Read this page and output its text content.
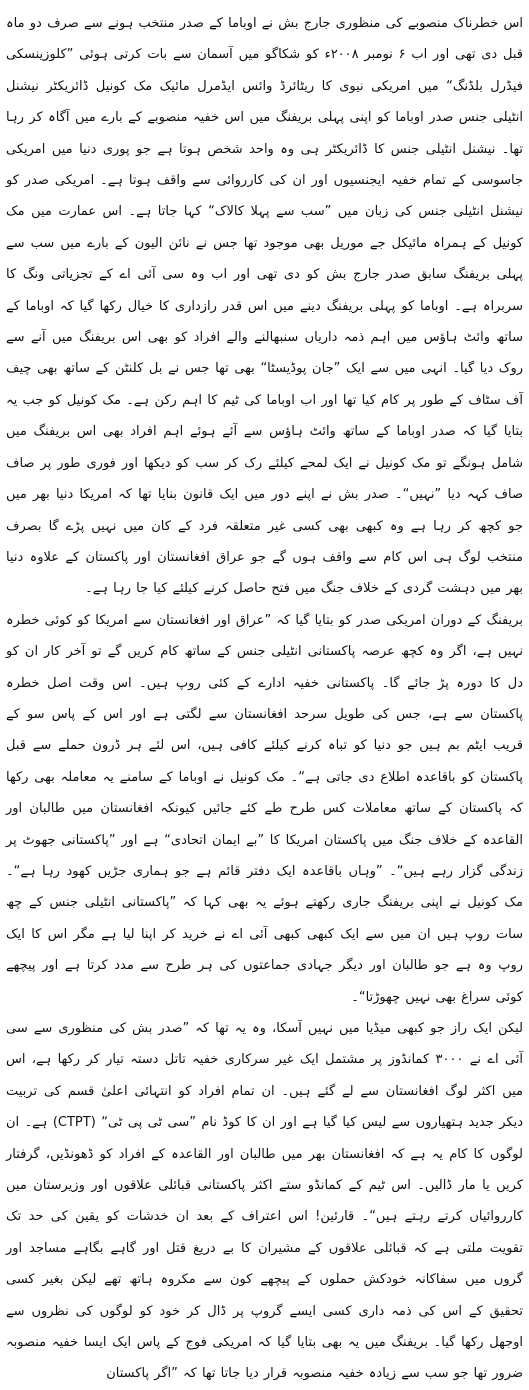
اس خطرناک منصوبے کی منظوری جارج بش نے اوباما کے صدر منتخب ہونے سے صرف دو ماہ قبل دی تھی اور اب ۶ نومبر ۲۰۰۸ء کو شکاگو میں آسمان سے بات کرتی ہوئی ”کلوزینسکی فیڈرل بلڈنگ“ میں امریکی نیوی کا ریٹائرڈ وائس ایڈمرل مائیک مک کونیل ڈائریکٹر نیشنل انٹیلی جنس صدر اوباما کو اپنی پہلی بریفنگ میں اس خفیہ منصوبے کے بارے میں آگاہ کر رہا تھا۔ نیشنل انٹیلی جنس کا ڈائریکٹر ہی وہ واحد شخص ہوتا ہے جو پوری دنیا میں امریکی جاسوسی کے تمام خفیہ ایجنسیوں اور ان کی کارروائی سے واقف ہوتا ہے۔ امریکی صدر کو نیشنل انٹیلی جنس کی زبان میں ”سب سے پہلا کالاک“ کہا جاتا ہے۔ اس عمارت میں مک کونیل کے ہمراہ مائیکل جے موریل بھی موجود تھا جس نے نائن الیون کے بارے میں سب سے پہلی بریفنگ سابق صدر جارج بش کو دی تھی اور اب وہ سی آئی اے کے تجزیاتی ونگ کا سربراہ ہے۔ اوباما کو پہلی بریفنگ دینے میں اس قدر رازداری کا خیال رکھا گیا کہ اوباما کے ساتھ وائٹ ہاؤس میں اہم ذمہ داریاں سنبھالنے والے افراد کو بھی اس بریفنگ میں آنے سے روک دیا گیا۔ انہی میں سے ایک ”جان پوڈیسٹا“ بھی تھا جس نے بل کلنٹن کے ساتھ بھی چیف آف سٹاف کے طور پر کام کیا تھا اور اب اوباما کی ٹیم کا اہم رکن ہے۔ مک کونیل کو جب یہ بتایا گیا کہ صدر اوباما کے ساتھ وائٹ ہاؤس سے آئے ہوئے اہم افراد بھی اس بریفنگ میں شامل ہونگے تو مک کونیل نے ایک لمحے کیلئے رک کر سب کو دیکھا اور فوری طور پر صاف صاف کہہ دیا ”نہیں“۔ صدر بش نے اپنے دور میں ایک قانون بنایا تھا کہ امریکا دنیا بھر میں جو کچھ کر رہا ہے وہ کبھی بھی کسی غیر متعلقہ فرد کے کان میں نہیں پڑے گا بصرف منتخب لوگ ہی اس کام سے واقف ہوں گے جو عراق افغانستان اور پاکستان کے علاوہ دنیا بھر میں دہشت گردی کے خلاف جنگ میں فتح حاصل کرنے کیلئے کیا جا رہا ہے۔

بریفنگ کے دوران امریکی صدر کو بتایا گیا کہ ”عراق اور افغانستان سے امریکا کو کوئی خطرہ نہیں ہے، اگر وہ کچھ عرصہ پاکستانی انٹیلی جنس کے ساتھ کام کریں گے تو آخر کار ان کو دل کا دورہ پڑ جائے گا۔ پاکستانی خفیہ ادارے کے کئی روپ ہیں۔ اس وقت اصل خطرہ پاکستان سے ہے، جس کی طویل سرحد افغانستان سے لگتی ہے اور اس کے پاس سو کے قریب ایٹم بم ہیں جو دنیا کو تباہ کرنے کیلئے کافی ہیں، اس لئے ہر ڈرون حملے سے قبل پاکستان کو باقاعدہ اطلاع دی جاتی ہے“۔ مک کونیل نے اوباما کے سامنے یہ معاملہ بھی رکھا کہ پاکستان کے ساتھ معاملات کس طرح طے کئے جائیں کیونکہ افغانستان میں طالبان اور القاعدہ کے خلاف جنگ میں پاکستان امریکا کا ”بے ایمان اتحادی“ ہے اور ”پاکستانی جھوٹ پر زندگی گزار رہے ہیں“۔ ”وہاں باقاعدہ ایک دفتر قائم ہے جو ہماری جڑیں کھود رہا ہے“۔ مک کونیل نے اپنی بریفنگ جاری رکھتے ہوئے یہ بھی کہا کہ ”پاکستانی انٹیلی جنس کے چھ سات روپ ہیں ان میں سے ایک کبھی کبھی آئی اے نے خرید کر اپنا لیا ہے مگر اس کا ایک روپ وہ ہے جو طالبان اور دیگر جہادی جماعتوں کی ہر طرح سے مدد کرتا ہے اور پیچھے کوئی سراغ بھی نہیں چھوڑتا“۔

لیکن ایک راز جو کبھی میڈیا میں نہیں آسکا، وہ یہ تھا کہ ”صدر بش کی منظوری سے سی آئی اے نے ۳۰۰۰ کمانڈوز پر مشتمل ایک غیر سرکاری خفیہ تاتل دستہ تیار کر رکھا ہے، اس میں اکثر لوگ افغانستان سے لے گئے ہیں۔ ان تمام افراد کو انتہائی اعلیٰ قسم کی تربیت دیکر جدید ہتھیاروں سے لیس کیا گیا ہے اور ان کا کوڈ نام ”سی ٹی پی ٹی“ (CTPT) ہے۔ ان لوگوں کا کام یہ ہے کہ افغانستان بھر میں طالبان اور القاعدہ کے افراد کو ڈھونڈیں، گرفتار کریں یا مار ڈالیں۔ اس ٹیم کے کمانڈو ستے اکثر پاکستانی قبائلی علاقوں اور وزیرستان میں کارروائیاں کرتے رہتے ہیں“۔ قارئین! اس اعتراف کے بعد ان خدشات کو یقین کی حد تک تقویت ملتی ہے کہ قبائلی علاقوں کے مشیران کا بے دریغ قتل اور گاہے بگاہے مساجد اور گروں میں سفاکانہ خودکش حملوں کے پیچھے کون سے مکروہ ہاتھ تھے لیکن بغیر کسی تحقیق کے اس کی ذمہ داری کسی ایسے گروپ پر ڈال کر خود کو لوگوں کی نظروں سے اوجھل رکھا گیا۔ بریفنگ میں یہ بھی بتایا گیا کہ امریکی فوج کے پاس ایک ایسا خفیہ منصوبہ ضرور تھا جو سب سے زیادہ خفیہ منصوبہ قرار دیا جاتا تھا کہ ”اگر پاکستان
